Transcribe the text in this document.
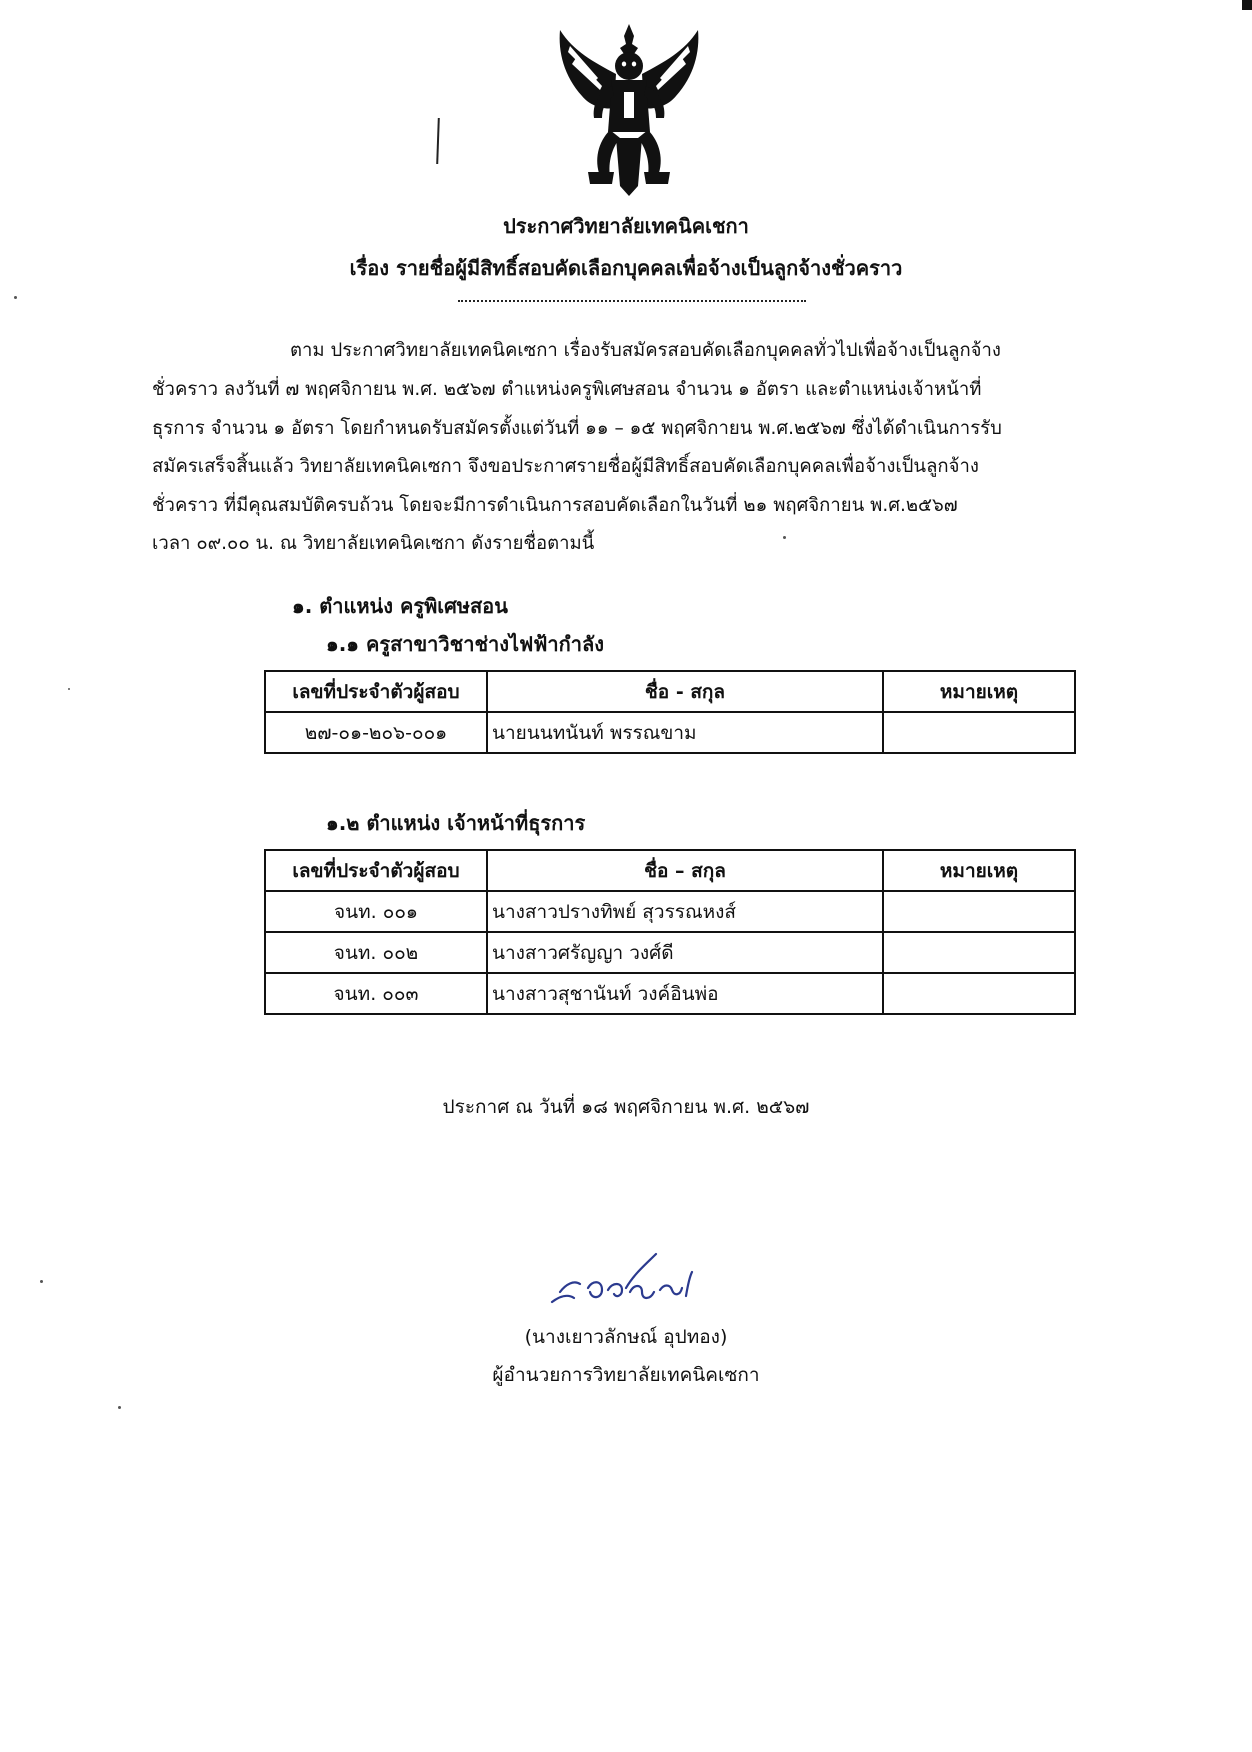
ประกาศวิทยาลัยเทคนิคเชกา
เรื่อง รายชื่อผู้มีสิทธิ์สอบคัดเลือกบุคคลเพื่อจ้างเป็นลูกจ้างชั่วคราว
ตาม ประกาศวิทยาลัยเทคนิคเซกา เรื่องรับสมัครสอบคัดเลือกบุคคลทั่วไปเพื่อจ้างเป็นลูกจ้าง
ชั่วคราว ลงวันที่ ๗ พฤศจิกายน พ.ศ. ๒๕๖๗ ตำแหน่งครูพิเศษสอน จำนวน ๑ อัตรา และตำแหน่งเจ้าหน้าที่
ธุรการ จำนวน ๑ อัตรา โดยกำหนดรับสมัครตั้งแต่วันที่ ๑๑ – ๑๕ พฤศจิกายน พ.ศ.๒๕๖๗ ซึ่งได้ดำเนินการรับ
สมัครเสร็จสิ้นแล้ว วิทยาลัยเทคนิคเซกา จึงขอประกาศรายชื่อผู้มีสิทธิ์สอบคัดเลือกบุคคลเพื่อจ้างเป็นลูกจ้าง
ชั่วคราว ที่มีคุณสมบัติครบถ้วน โดยจะมีการดำเนินการสอบคัดเลือกในวันที่ ๒๑ พฤศจิกายน พ.ศ.๒๕๖๗
เวลา ๐๙.๐๐ น. ณ วิทยาลัยเทคนิคเซกา ดังรายชื่อตามนี้
๑. ตำแหน่ง ครูพิเศษสอน
๑.๑ ครูสาขาวิชาช่างไฟฟ้ากำลัง
เลขที่ประจำตัวผู้สอบ	ชื่อ - สกุล	หมายเหตุ
๒๗-๐๑-๒๐๖-๐๐๑	นายนนทนันท์ พรรณขาม	
๑.๒ ตำแหน่ง เจ้าหน้าที่ธุรการ
เลขที่ประจำตัวผู้สอบ	ชื่อ – สกุล	หมายเหตุ
จนท. ๐๐๑	นางสาวปรางทิพย์ สุวรรณหงส์	
จนท. ๐๐๒	นางสาวศรัญญา วงศ์ดี	
จนท. ๐๐๓	นางสาวสุชานันท์ วงค์อินพ่อ	
ประกาศ ณ วันที่ ๑๘ พฤศจิกายน พ.ศ. ๒๕๖๗
(นางเยาวลักษณ์ อุปทอง)
ผู้อำนวยการวิทยาลัยเทคนิคเซกา
